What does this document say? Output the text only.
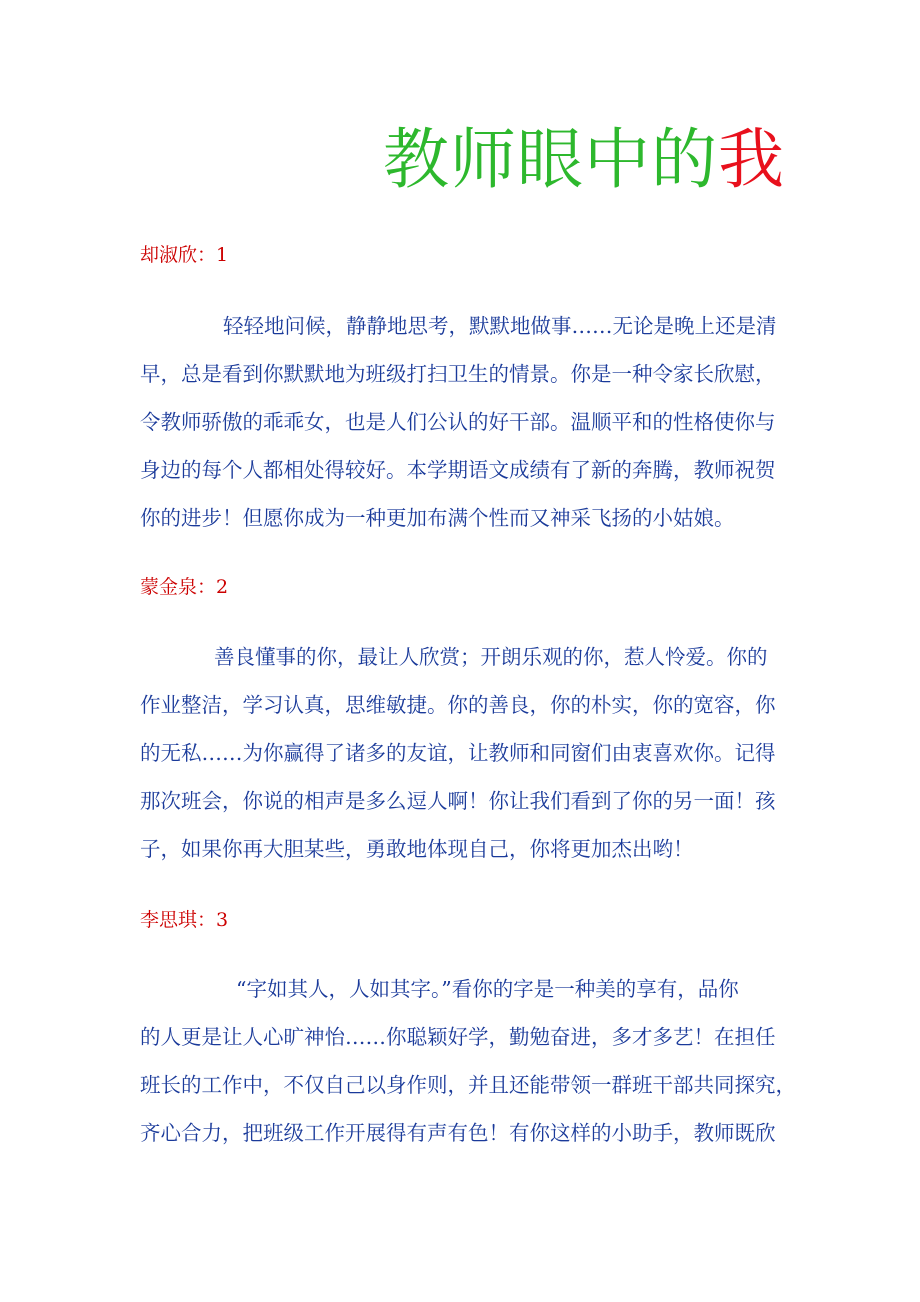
教师眼中的我
却淑欣：1
轻轻地问候，静静地思考，默默地做事……无论是晚上还是清
早，总是看到你默默地为班级打扫卫生的情景。你是一种令家长欣慰，
令教师骄傲的乖乖女，也是人们公认的好干部。温顺平和的性格使你与
身边的每个人都相处得较好。本学期语文成绩有了新的奔腾，教师祝贺
你的进步！但愿你成为一种更加布满个性而又神采飞扬的小姑娘。
蒙金泉：2
善良懂事的你，最让人欣赏；开朗乐观的你，惹人怜爱。你的
作业整洁，学习认真，思维敏捷。你的善良，你的朴实，你的宽容，你
的无私……为你赢得了诸多的友谊，让教师和同窗们由衷喜欢你。记得
那次班会，你说的相声是多么逗人啊！你让我们看到了你的另一面！孩
子，如果你再大胆某些，勇敢地体现自己，你将更加杰出哟！
李思琪：3
“字如其人，人如其字。”看你的字是一种美的享有，品你
的人更是让人心旷神怡……你聪颖好学，勤勉奋进，多才多艺！在担任
班长的工作中，不仅自己以身作则，并且还能带领一群班干部共同探究，
齐心合力，把班级工作开展得有声有色！有你这样的小助手，教师既欣
